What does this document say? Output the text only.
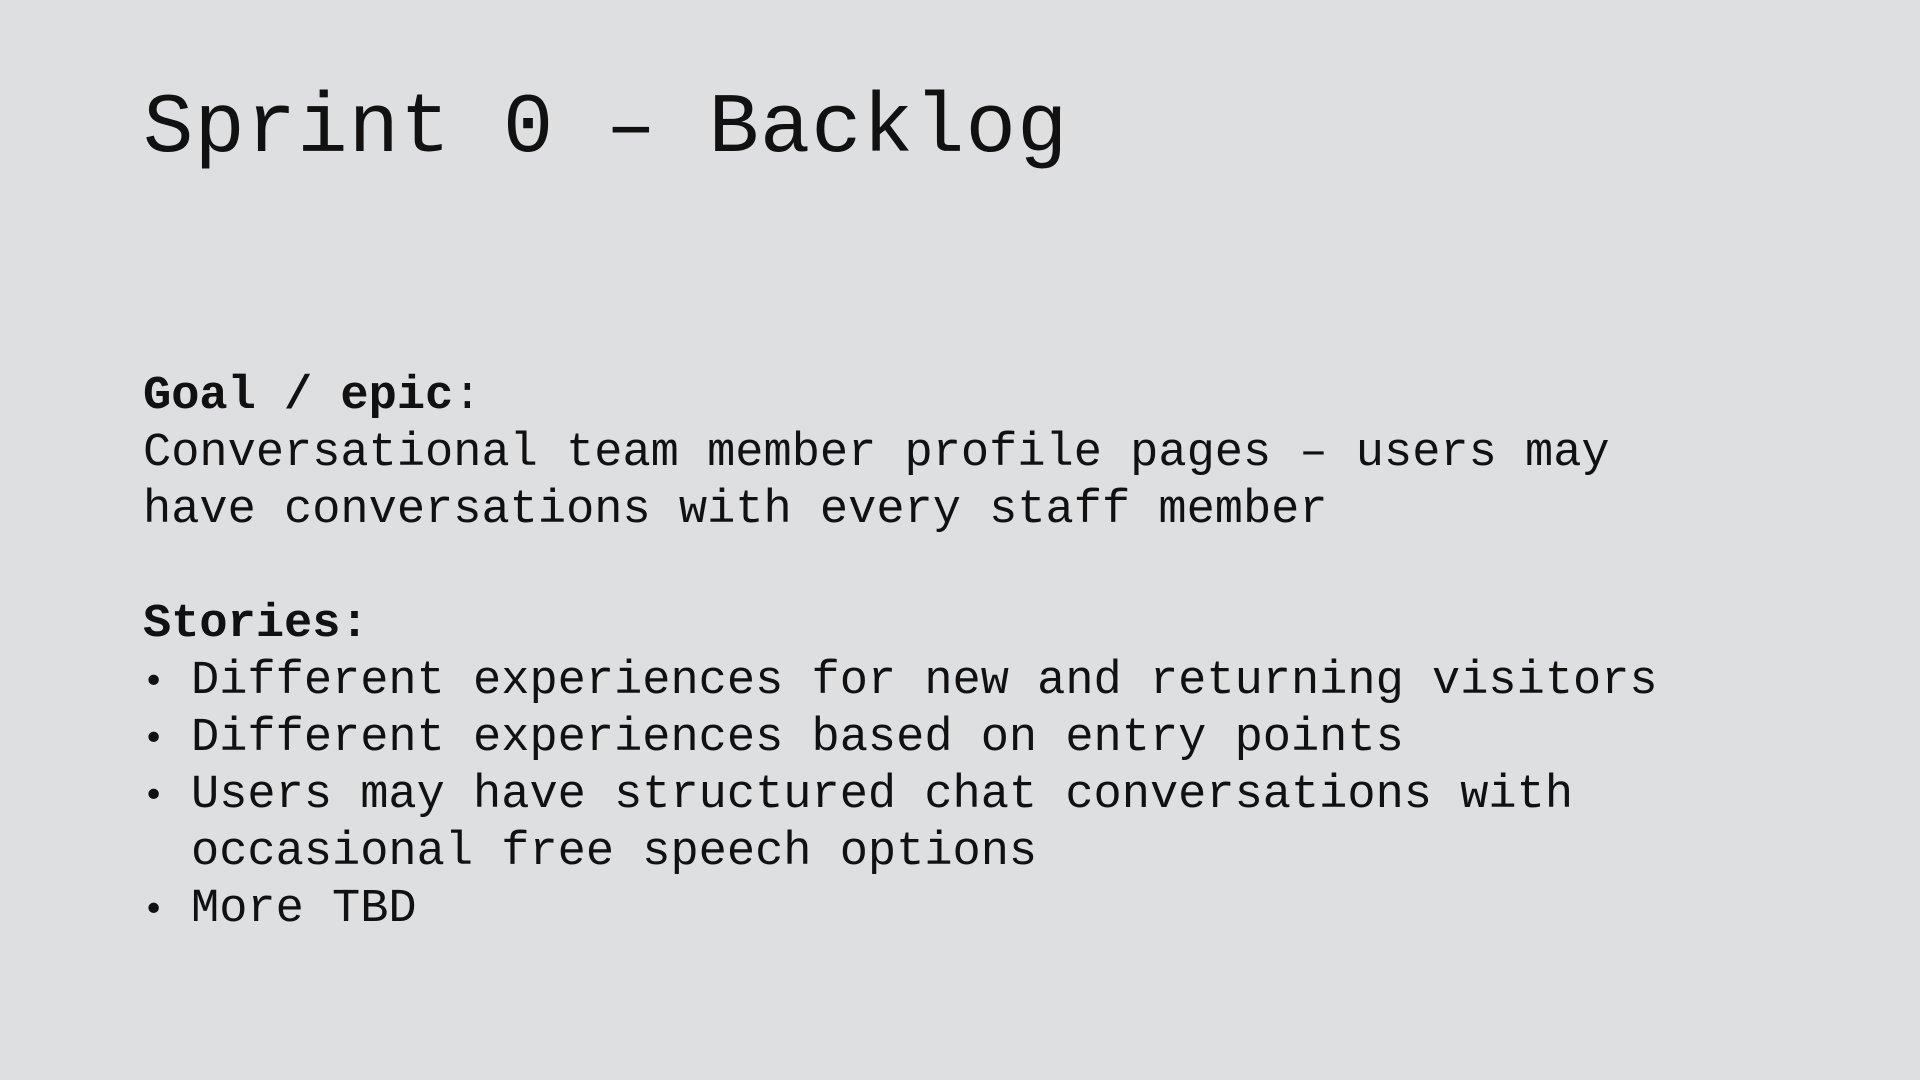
Sprint 0 – Backlog

Goal / epic:

Conversational team member profile pages – users may have conversations with every staff member

Stories:

• Different experiences for new and returning visitors
• Different experiences based on entry points
• Users may have structured chat conversations with occasional free speech options
• More TBD
